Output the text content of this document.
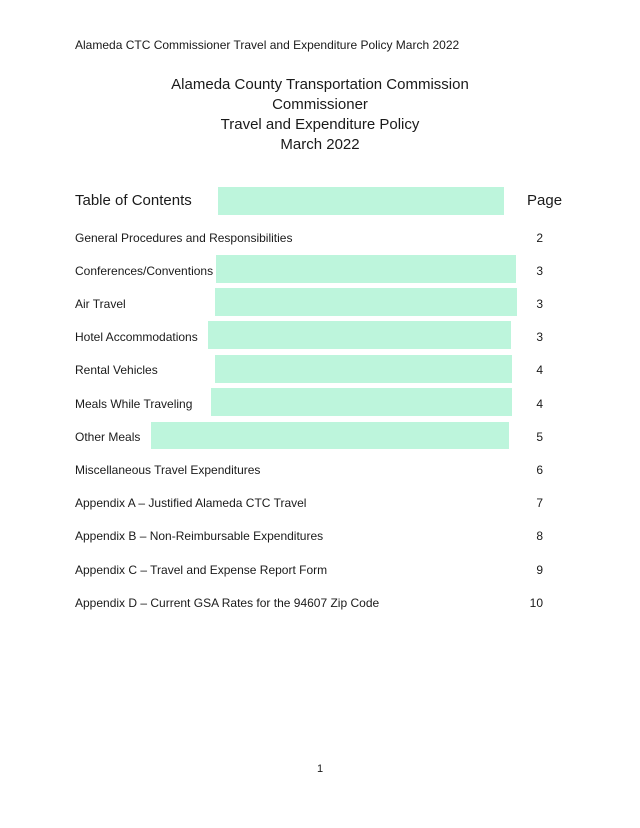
Alameda CTC Commissioner Travel and Expenditure Policy March 2022
Alameda County Transportation Commission
Commissioner
Travel and Expenditure Policy
March 2022
Table of Contents	Page
General Procedures and Responsibilities	2
Conferences/Conventions	3
Air Travel	3
Hotel Accommodations	3
Rental Vehicles	4
Meals While Traveling	4
Other Meals	5
Miscellaneous Travel Expenditures	6
Appendix A – Justified Alameda CTC Travel	7
Appendix B – Non-Reimbursable Expenditures	8
Appendix C – Travel and Expense Report Form	9
Appendix D – Current GSA Rates for the 94607 Zip Code	10
1
